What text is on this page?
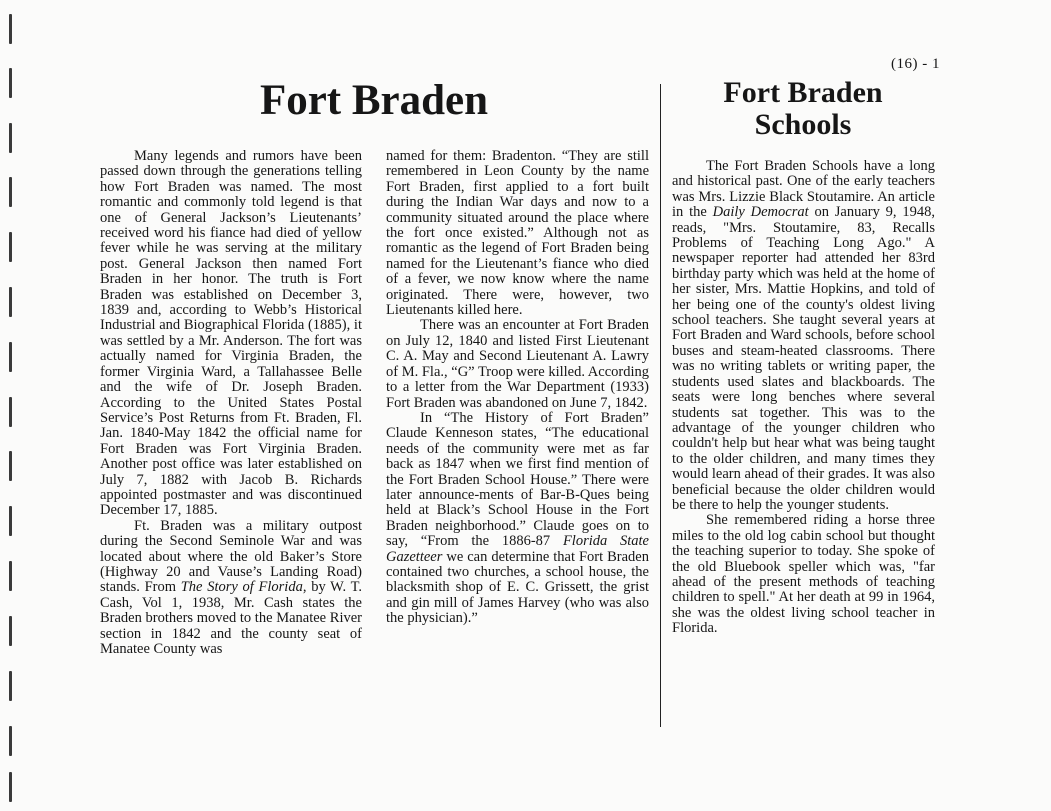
(16) - 1
Fort Braden	Fort Braden
Schools

Many legends and rumors have been passed down through the generations telling how Fort Braden was named. The most romantic and commonly told legend is that one of General Jackson’s Lieutenants’ received word his fiance had died of yellow fever while he was serving at the military post. General Jackson then named Fort Braden in her honor. The truth is Fort Braden was established on December 3, 1839 and, according to Webb’s Historical Industrial and Biographical Florida (1885), it was settled by a Mr. Anderson. The fort was actually named for Virginia Braden, the former Virginia Ward, a Tallahassee Belle and the wife of Dr. Joseph Braden. According to the United States Postal Service’s Post Returns from Ft. Braden, Fl. Jan. 1840-May 1842 the official name for Fort Braden was Fort Virginia Braden. Another post office was later established on July 7, 1882 with Jacob B. Richards appointed postmaster and was discontinued December 17, 1885.

Ft. Braden was a military outpost during the Second Seminole War and was located about where the old Baker’s Store (Highway 20 and Vause’s Landing Road) stands. From The Story of Florida, by W. T. Cash, Vol 1, 1938, Mr. Cash states the Braden brothers moved to the Manatee River section in 1842 and the county seat of Manatee County was

named for them: Bradenton. “They are still remembered in Leon County by the name Fort Braden, first applied to a fort built during the Indian War days and now to a community situated around the place where the fort once existed.” Although not as romantic as the legend of Fort Braden being named for the Lieutenant’s fiance who died of a fever, we now know where the name originated. There were, however, two Lieutenants killed here.

There was an encounter at Fort Braden on July 12, 1840 and listed First Lieutenant C. A. May and Second Lieutenant A. Lawry of M. Fla., “G” Troop were killed. According to a letter from the War Department (1933) Fort Braden was abandoned on June 7, 1842.

In “The History of Fort Braden” Claude Kenneson states, “The educational needs of the community were met as far back as 1847 when we first find mention of the Fort Braden School House.” There were later announce-ments of Bar-B-Ques being held at Black’s School House in the Fort Braden neighborhood.” Claude goes on to say, “From the 1886-87 Florida State Gazetteer we can determine that Fort Braden contained two churches, a school house, the blacksmith shop of E. C. Grissett, the grist and gin mill of James Harvey (who was also the physician).”

The Fort Braden Schools have a long and historical past. One of the early teachers was Mrs. Lizzie Black Stoutamire. An article in the Daily Democrat on January 9, 1948, reads, "Mrs. Stoutamire, 83, Recalls Problems of Teaching Long Ago." A newspaper reporter had attended her 83rd birthday party which was held at the home of her sister, Mrs. Mattie Hopkins, and told of her being one of the county's oldest living school teachers. She taught several years at Fort Braden and Ward schools, before school buses and steam-heated classrooms. There was no writing tablets or writing paper, the students used slates and blackboards. The seats were long benches where several students sat together. This was to the advantage of the younger children who couldn't help but hear what was being taught to the older children, and many times they would learn ahead of their grades. It was also beneficial because the older children would be there to help the younger students.

She remembered riding a horse three miles to the old log cabin school but thought the teaching superior to today. She spoke of the old Bluebook speller which was, "far ahead of the present methods of teaching children to spell." At her death at 99 in 1964, she was the oldest living school teacher in Florida.
